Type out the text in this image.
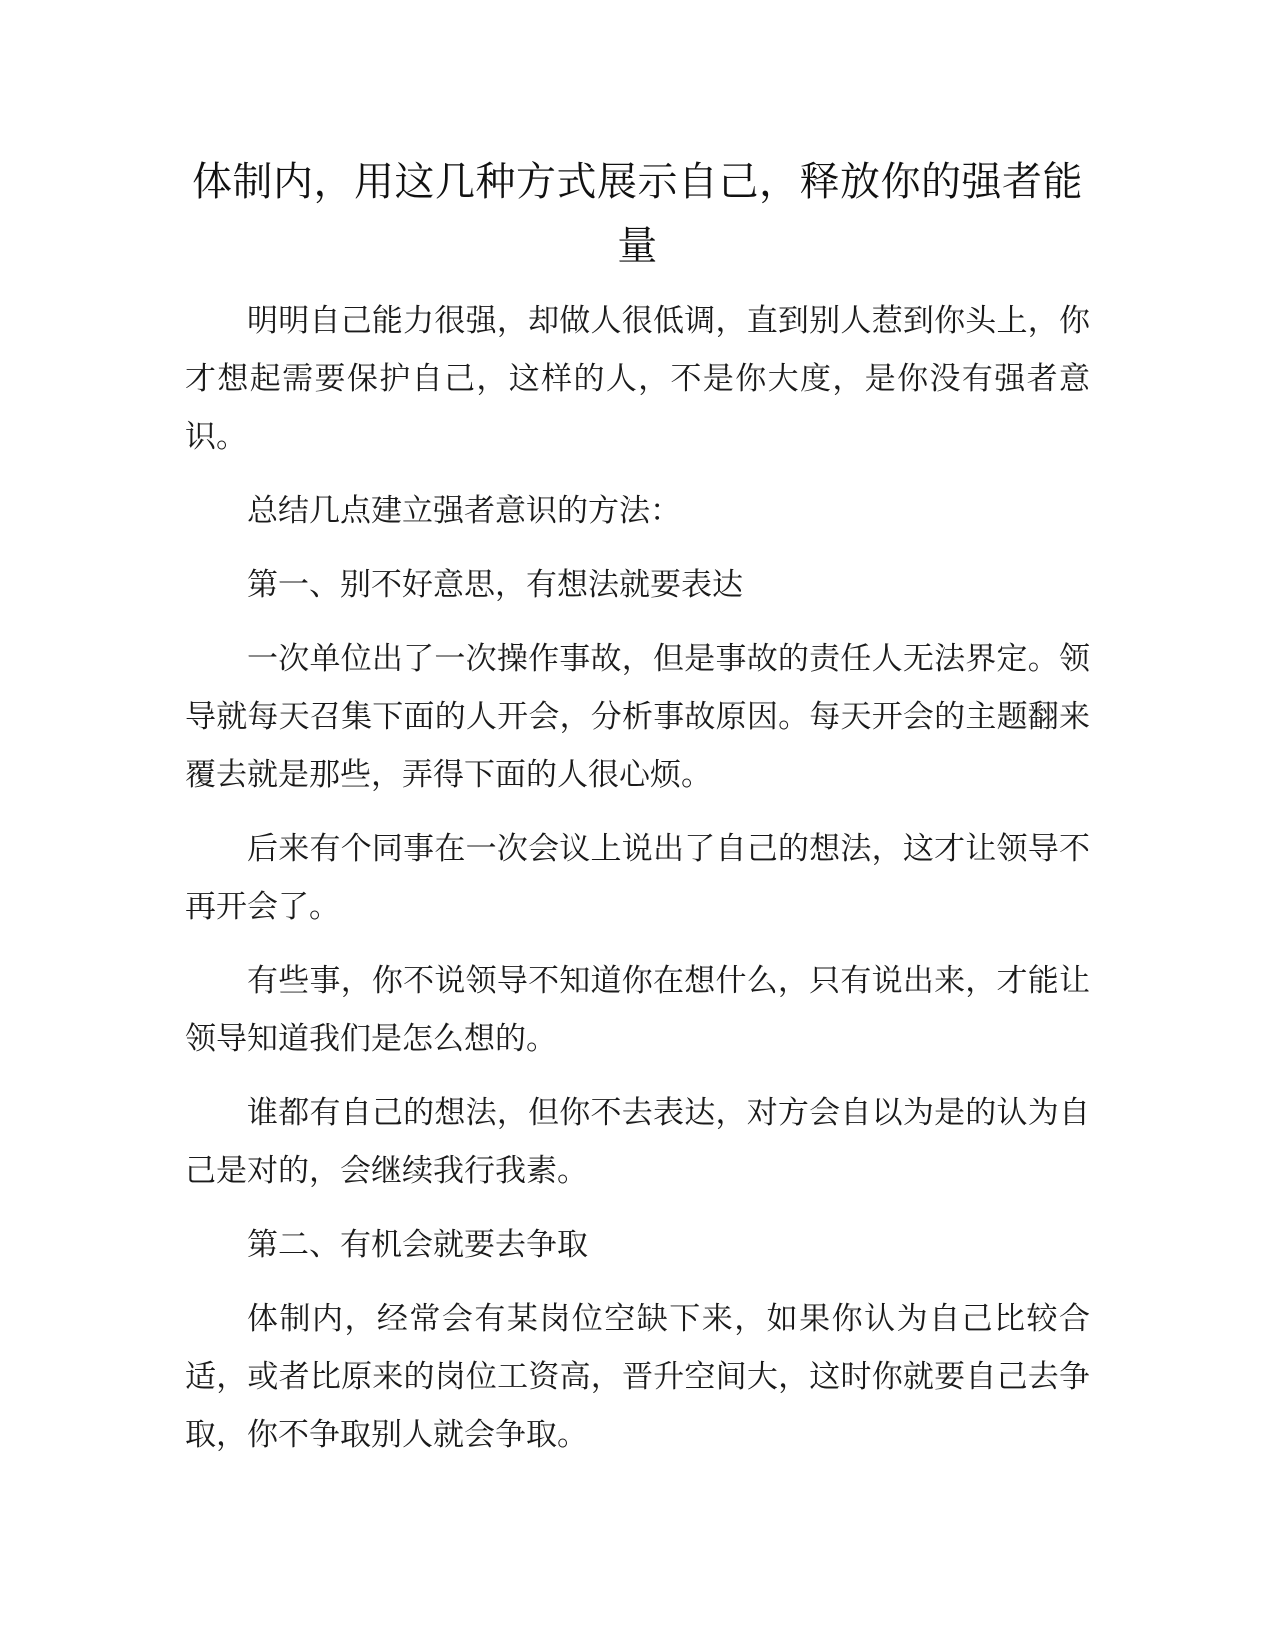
体制内，用这几种方式展示自己，释放你的强者能量

明明自己能力很强，却做人很低调，直到别人惹到你头上，你才想起需要保护自己，这样的人，不是你大度，是你没有强者意识。

总结几点建立强者意识的方法：

第一、别不好意思，有想法就要表达

一次单位出了一次操作事故，但是事故的责任人无法界定。领导就每天召集下面的人开会，分析事故原因。每天开会的主题翻来覆去就是那些，弄得下面的人很心烦。

后来有个同事在一次会议上说出了自己的想法，这才让领导不再开会了。

有些事，你不说领导不知道你在想什么，只有说出来，才能让领导知道我们是怎么想的。

谁都有自己的想法，但你不去表达，对方会自以为是的认为自己是对的，会继续我行我素。

第二、有机会就要去争取

体制内，经常会有某岗位空缺下来，如果你认为自己比较合适，或者比原来的岗位工资高，晋升空间大，这时你就要自己去争取，你不争取别人就会争取。
